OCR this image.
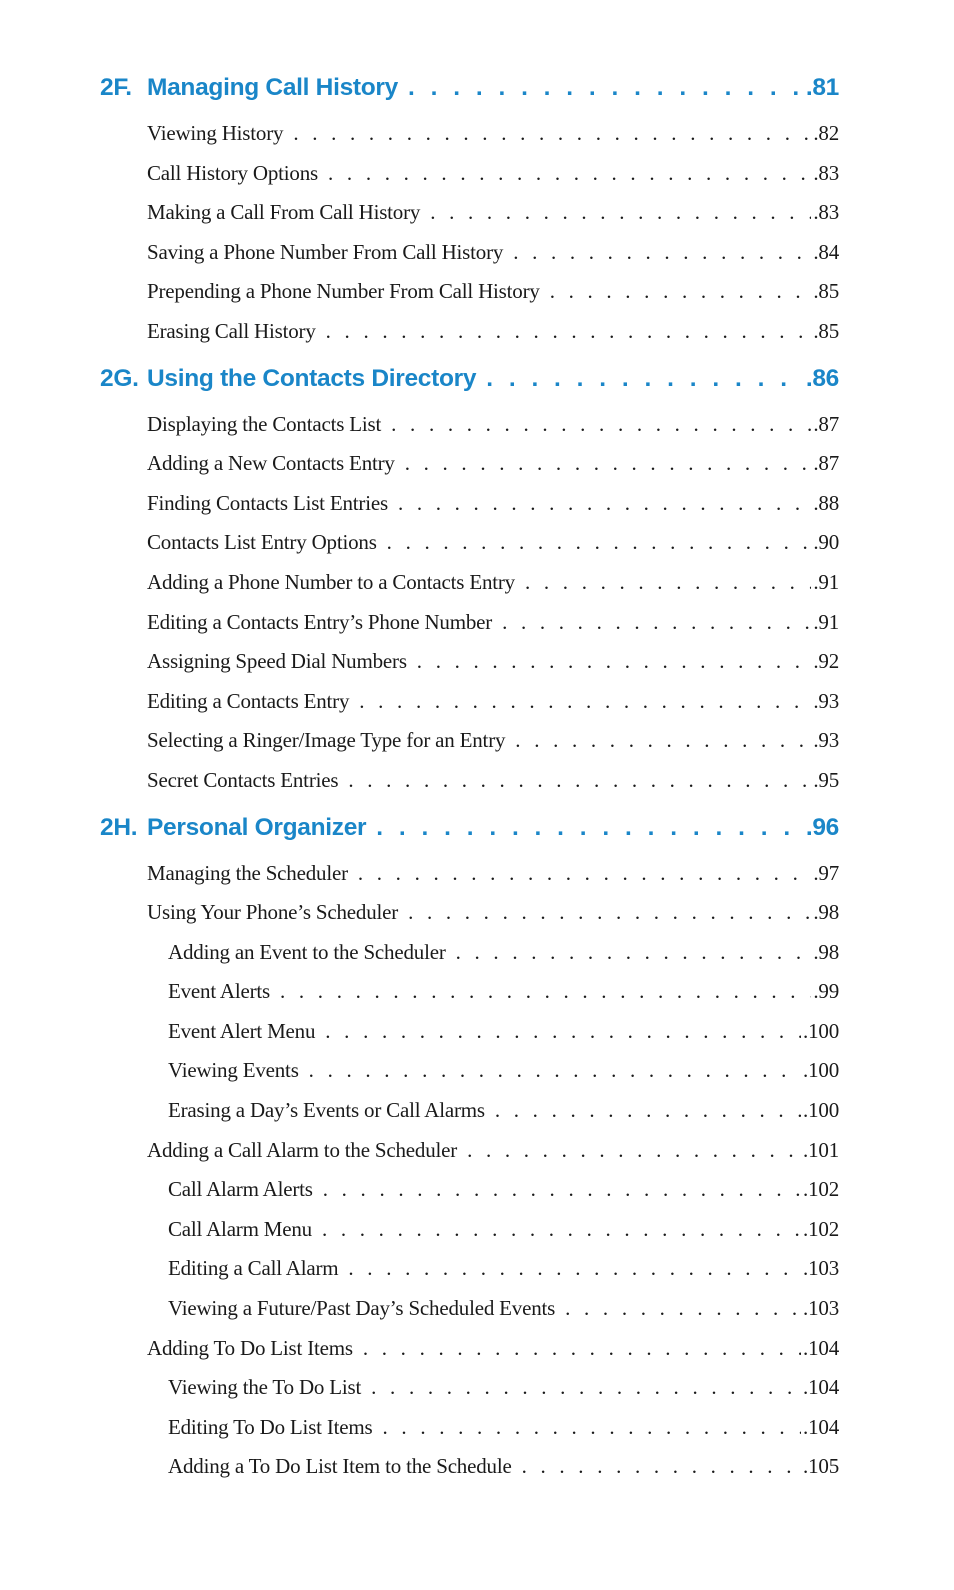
2F. Managing Call History . . .	.81
Viewing History . . .	.82
Call History Options . . .	.83
Making a Call From Call History . . .	.83
Saving a Phone Number From Call History . . .	.84
Prepending a Phone Number From Call History . . .	.85
Erasing Call History . . .	.85
2G. Using the Contacts Directory . . .	.86
Displaying the Contacts List . . .	.87
Adding a New Contacts Entry . . .	.87
Finding Contacts List Entries . . .	.88
Contacts List Entry Options . . .	.90
Adding a Phone Number to a Contacts Entry . . .	.91
Editing a Contacts Entry’s Phone Number . . .	.91
Assigning Speed Dial Numbers . . .	.92
Editing a Contacts Entry . . .	.93
Selecting a Ringer/Image Type for an Entry . . .	.93
Secret Contacts Entries . . .	.95
2H. Personal Organizer . . .	.96
Managing the Scheduler . . .	.97
Using Your Phone’s Scheduler . . .	.98
Adding an Event to the Scheduler . . .	.98
Event Alerts . . .	.99
Event Alert Menu . . .	.100
Viewing Events . . .	.100
Erasing a Day’s Events or Call Alarms . . .	.100
Adding a Call Alarm to the Scheduler . . .	.101
Call Alarm Alerts . . .	.102
Call Alarm Menu . . .	.102
Editing a Call Alarm . . .	.103
Viewing a Future/Past Day’s Scheduled Events . . .	.103
Adding To Do List Items . . .	.104
Viewing the To Do List . . .	.104
Editing To Do List Items . . .	.104
Adding a To Do List Item to the Schedule . . .	.105
